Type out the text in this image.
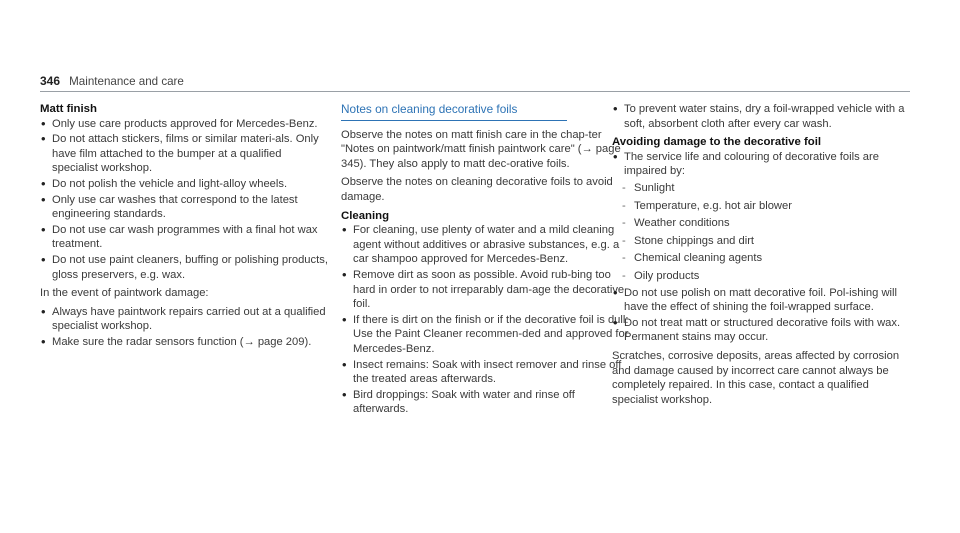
346 Maintenance and care
Matt finish
• Only use care products approved for Mercedes-Benz.
• Do not attach stickers, films or similar materi-als. Only have film attached to the bumper at a qualified specialist workshop.
• Do not polish the vehicle and light-alloy wheels.
• Only use car washes that correspond to the latest engineering standards.
• Do not use car wash programmes with a final hot wax treatment.
• Do not use paint cleaners, buffing or polishing products, gloss preservers, e.g. wax.

In the event of paintwork damage:

• Always have paintwork repairs carried out at a qualified specialist workshop.
• Make sure the radar sensors function (→ page 209).
Notes on cleaning decorative foils

Observe the notes on matt finish care in the chap-ter "Notes on paintwork/matt finish paintwork care" (→ page 345). They also apply to matt dec-orative foils.

Observe the notes on cleaning decorative foils to avoid damage.

Cleaning
• For cleaning, use plenty of water and a mild cleaning agent without additives or abrasive substances, e.g. a car shampoo approved for Mercedes-Benz.
• Remove dirt as soon as possible. Avoid rub-bing too hard in order to not irreparably dam-age the decorative foil.
• If there is dirt on the finish or if the decorative foil is dull: Use the Paint Cleaner recommen-ded and approved for Mercedes-Benz.
• Insect remains: Soak with insect remover and rinse off the treated areas afterwards.
• Bird droppings: Soak with water and rinse off afterwards.
• To prevent water stains, dry a foil-wrapped vehicle with a soft, absorbent cloth after every car wash.
Avoiding damage to the decorative foil
• The service life and colouring of decorative foils are impaired by:
- Sunlight
- Temperature, e.g. hot air blower
- Weather conditions
- Stone chippings and dirt
- Chemical cleaning agents
- Oily products
• Do not use polish on matt decorative foil. Pol-ishing will have the effect of shining the foil-wrapped surface.
• Do not treat matt or structured decorative foils with wax. Permanent stains may occur.

Scratches, corrosive deposits, areas affected by corrosion and damage caused by incorrect care cannot always be completely repaired. In this case, contact a qualified specialist workshop.
